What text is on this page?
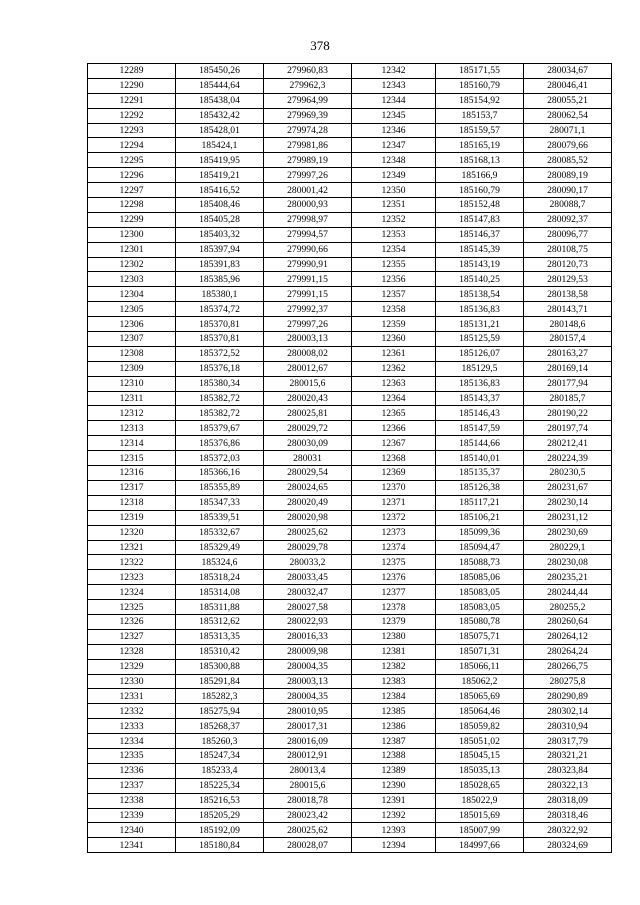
378
12289	185450,26	279960,83	12342	185171,55	280034,67
12290	185444,64	279962,3	12343	185160,79	280046,41
12291	185438,04	279964,99	12344	185154,92	280055,21
12292	185432,42	279969,39	12345	185153,7	280062,54
12293	185428,01	279974,28	12346	185159,57	280071,1
12294	185424,1	279981,86	12347	185165,19	280079,66
12295	185419,95	279989,19	12348	185168,13	280085,52
12296	185419,21	279997,26	12349	185166,9	280089,19
12297	185416,52	280001,42	12350	185160,79	280090,17
12298	185408,46	280000,93	12351	185152,48	280088,7
12299	185405,28	279998,97	12352	185147,83	280092,37
12300	185403,32	279994,57	12353	185146,37	280096,77
12301	185397,94	279990,66	12354	185145,39	280108,75
12302	185391,83	279990,91	12355	185143,19	280120,73
12303	185385,96	279991,15	12356	185140,25	280129,53
12304	185380,1	279991,15	12357	185138,54	280138,58
12305	185374,72	279992,37	12358	185136,83	280143,71
12306	185370,81	279997,26	12359	185131,21	280148,6
12307	185370,81	280003,13	12360	185125,59	280157,4
12308	185372,52	280008,02	12361	185126,07	280163,27
12309	185376,18	280012,67	12362	185129,5	280169,14
12310	185380,34	280015,6	12363	185136,83	280177,94
12311	185382,72	280020,43	12364	185143,37	280185,7
12312	185382,72	280025,81	12365	185146,43	280190,22
12313	185379,67	280029,72	12366	185147,59	280197,74
12314	185376,86	280030,09	12367	185144,66	280212,41
12315	185372,03	280031	12368	185140,01	280224,39
12316	185366,16	280029,54	12369	185135,37	280230,5
12317	185355,89	280024,65	12370	185126,38	280231,67
12318	185347,33	280020,49	12371	185117,21	280230,14
12319	185339,51	280020,98	12372	185106,21	280231,12
12320	185332,67	280025,62	12373	185099,36	280230,69
12321	185329,49	280029,78	12374	185094,47	280229,1
12322	185324,6	280033,2	12375	185088,73	280230,08
12323	185318,24	280033,45	12376	185085,06	280235,21
12324	185314,08	280032,47	12377	185083,05	280244,44
12325	185311,88	280027,58	12378	185083,05	280255,2
12326	185312,62	280022,93	12379	185080,78	280260,64
12327	185313,35	280016,33	12380	185075,71	280264,12
12328	185310,42	280009,98	12381	185071,31	280264,24
12329	185300,88	280004,35	12382	185066,11	280266,75
12330	185291,84	280003,13	12383	185062,2	280275,8
12331	185282,3	280004,35	12384	185065,69	280290,89
12332	185275,94	280010,95	12385	185064,46	280302,14
12333	185268,37	280017,31	12386	185059,82	280310,94
12334	185260,3	280016,09	12387	185051,02	280317,79
12335	185247,34	280012,91	12388	185045,15	280321,21
12336	185233,4	280013,4	12389	185035,13	280323,84
12337	185225,34	280015,6	12390	185028,65	280322,13
12338	185216,53	280018,78	12391	185022,9	280318,09
12339	185205,29	280023,42	12392	185015,69	280318,46
12340	185192,09	280025,62	12393	185007,99	280322,92
12341	185180,84	280028,07	12394	184997,66	280324,69
